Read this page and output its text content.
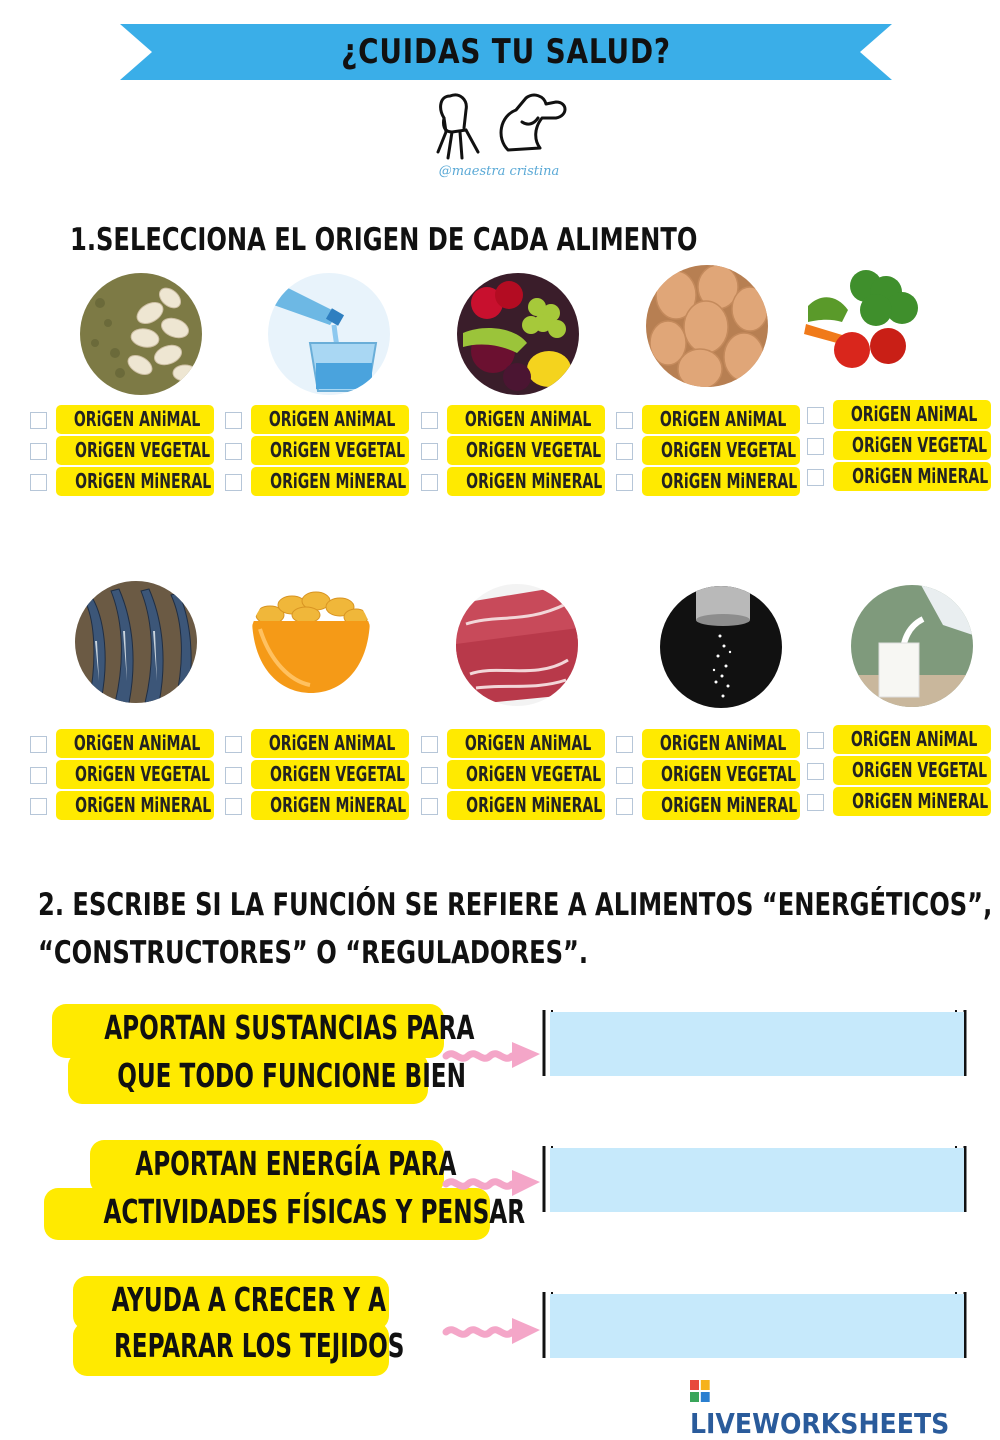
¿CUIDAS TU SALUD?
@maestra cristina
1.SELECCIONA EL ORIGEN DE CADA ALIMENTO
ORiGEN ANiMAL
ORiGEN VEGETAL
ORiGEN MiNERAL
ORiGEN ANiMAL
ORiGEN VEGETAL
ORiGEN MiNERAL
ORiGEN ANiMAL
ORiGEN VEGETAL
ORiGEN MiNERAL
ORiGEN ANiMAL
ORiGEN VEGETAL
ORiGEN MiNERAL
ORiGEN ANiMAL
ORiGEN VEGETAL
ORiGEN MiNERAL
ORiGEN ANiMAL
ORiGEN VEGETAL
ORiGEN MiNERAL
ORiGEN ANiMAL
ORiGEN VEGETAL
ORiGEN MiNERAL
ORiGEN ANiMAL
ORiGEN VEGETAL
ORiGEN MiNERAL
ORiGEN ANiMAL
ORiGEN VEGETAL
ORiGEN MiNERAL
ORiGEN ANiMAL
ORiGEN VEGETAL
ORiGEN MiNERAL
2. ESCRIBE SI LA FUNCIÓN SE REFIERE A ALIMENTOS “ENERGÉTICOS”,
“CONSTRUCTORES” O “REGULADORES”.
APORTAN SUSTANCIAS PARA
QUE TODO FUNCIONE BIEN
APORTAN ENERGÍA PARA
ACTIVIDADES FÍSICAS Y PENSAR
AYUDA A CRECER Y A
REPARAR LOS TEJIDOS
LIVEWORKSHEETS
